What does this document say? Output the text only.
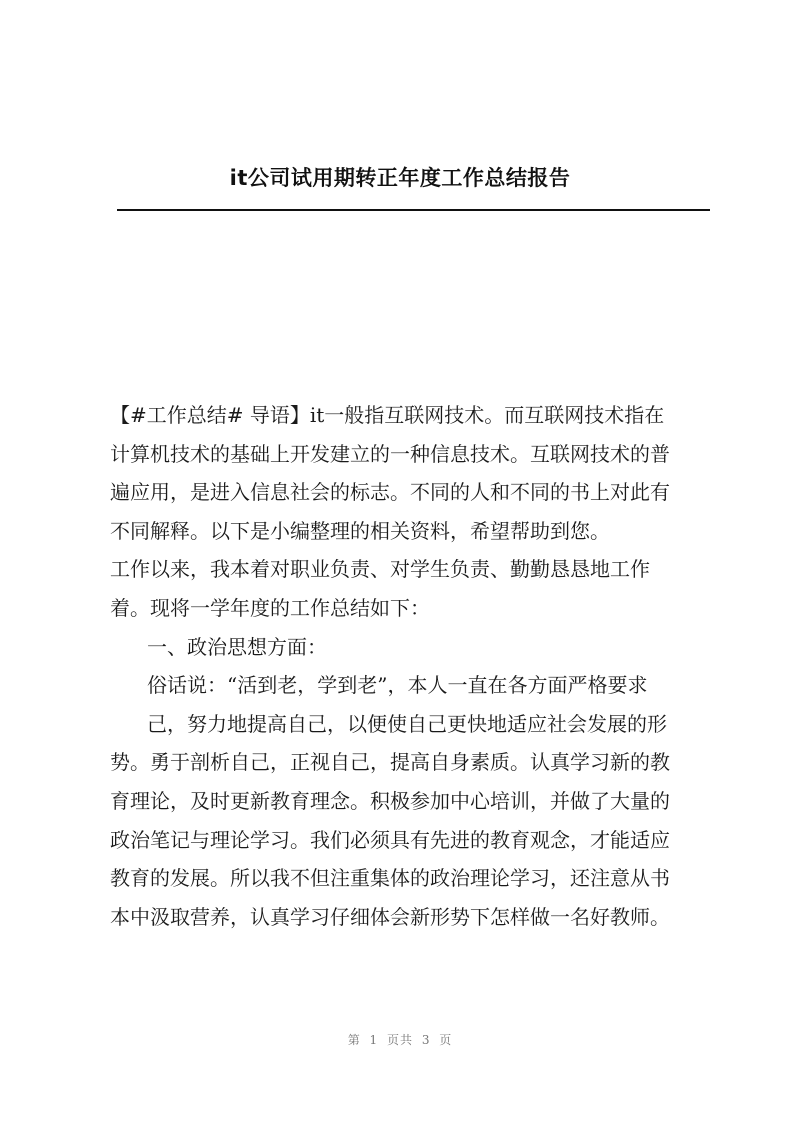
it公司试用期转正年度工作总结报告
【#工作总结# 导语】it一般指互联网技术。而互联网技术指在
计算机技术的基础上开发建立的一种信息技术。互联网技术的普
遍应用，是进入信息社会的标志。不同的人和不同的书上对此有
不同解释。以下是小编整理的相关资料，希望帮助到您。
工作以来，我本着对职业负责、对学生负责、勤勤恳恳地工作
着。现将一学年度的工作总结如下：
一、政治思想方面：
俗话说：“活到老，学到老”，本人一直在各方面严格要求
己，努力地提高自己，以便使自己更快地适应社会发展的形
势。勇于剖析自己，正视自己，提高自身素质。认真学习新的教
育理论，及时更新教育理念。积极参加中心培训，并做了大量的
政治笔记与理论学习。我们必须具有先进的教育观念，才能适应
教育的发展。所以我不但注重集体的政治理论学习，还注意从书
本中汲取营养，认真学习仔细体会新形势下怎样做一名好教师。
第 1 页共 3 页
